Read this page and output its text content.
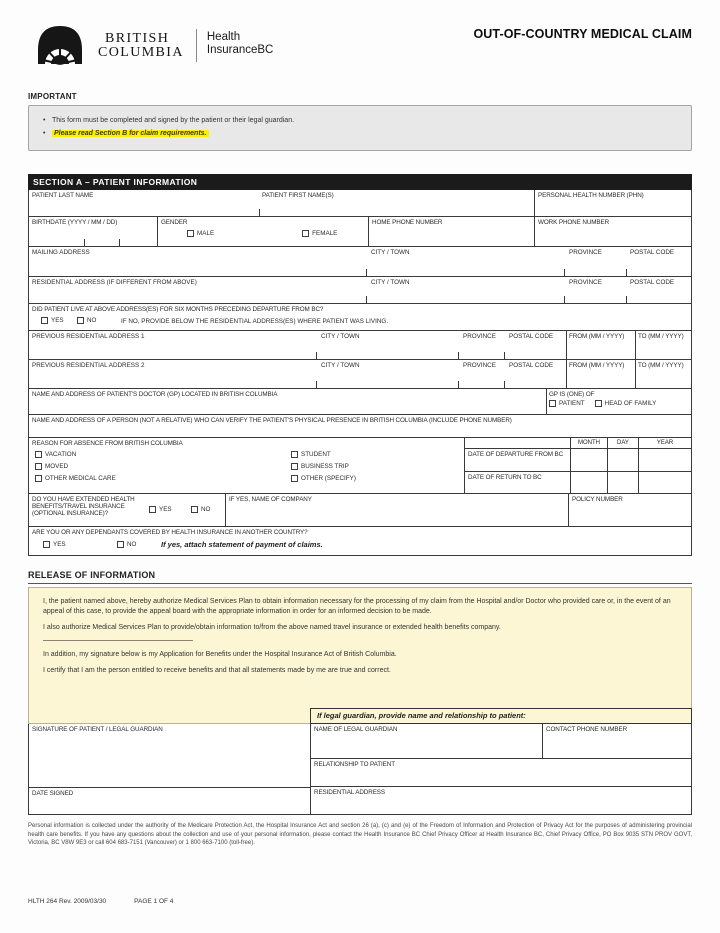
BRITISH
COLUMBIA
Health
InsuranceBC
OUT-OF-COUNTRY MEDICAL CLAIM
IMPORTANT
• This form must be completed and signed by the patient or their legal guardian.
• Please read Section B for claim requirements.
SECTION A – PATIENT INFORMATION
PATIENT LAST NAME	PATIENT FIRST NAME(S)	PERSONAL HEALTH NUMBER (PHN)
BIRTHDATE (YYYY / MM / DD)	GENDER
MALE	FEMALE
HOME PHONE NUMBER	WORK PHONE NUMBER
MAILING ADDRESS	CITY / TOWN	PROVINCE	POSTAL CODE
RESIDENTIAL ADDRESS (IF DIFFERENT FROM ABOVE)	CITY / TOWN	PROVINCE	POSTAL CODE
DID PATIENT LIVE AT ABOVE ADDRESS(ES) FOR SIX MONTHS PRECEDING DEPARTURE FROM BC?
YES	NO	IF NO, PROVIDE BELOW THE RESIDENTIAL ADDRESS(ES) WHERE PATIENT WAS LIVING.
PREVIOUS RESIDENTIAL ADDRESS 1	CITY / TOWN	PROVINCE POSTAL CODE	FROM (MM / YYYY)	TO (MM / YYYY)
PREVIOUS RESIDENTIAL ADDRESS 2	CITY / TOWN	PROVINCE POSTAL CODE	FROM (MM / YYYY)	TO (MM / YYYY)
NAME AND ADDRESS OF PATIENT'S DOCTOR (GP) LOCATED IN BRITISH COLUMBIA	GP IS (ONE) OF
PATIENT	HEAD OF FAMILY
NAME AND ADDRESS OF A PERSON (NOT A RELATIVE) WHO CAN VERIFY THE PATIENT'S PHYSICAL PRESENCE IN BRITISH COLUMBIA (INCLUDE PHONE NUMBER)
REASON FOR ABSENCE FROM BRITISH COLUMBIA
VACATION
MOVED
OTHER MEDICAL CARE
STUDENT
BUSINESS TRIP
OTHER (SPECIFY)
MONTH	DAY	YEAR
DATE OF DEPARTURE FROM BC
DATE OF RETURN TO BC
DO YOU HAVE EXTENDED HEALTH BENEFITS/TRAVEL INSURANCE (OPTIONAL INSURANCE)?
YES	NO
IF YES, NAME OF COMPANY	POLICY NUMBER
ARE YOU OR ANY DEPENDANTS COVERED BY HEALTH INSURANCE IN ANOTHER COUNTRY?
YES	NO	If yes, attach statement of payment of claims.
RELEASE OF INFORMATION

I, the patient named above, hereby authorize Medical Services Plan to obtain information necessary for the processing of my claim from the Hospital and/or Doctor who provided care or, in the event of an appeal of this case, to provide the appeal board with the appropriate information in order for an informed decision to be made.

I also authorize Medical Services Plan to provide/obtain information to/from the above named travel insurance or extended health benefits company.

In addition, my signature below is my Application for Benefits under the Hospital Insurance Act of British Columbia.

I certify that I am the person entitled to receive benefits and that all statements made by me are true and correct.

If legal guardian, provide name and relationship to patient:
SIGNATURE OF PATIENT / LEGAL GUARDIAN
DATE SIGNED
NAME OF LEGAL GUARDIAN	CONTACT PHONE NUMBER
RELATIONSHIP TO PATIENT
RESIDENTIAL ADDRESS
Personal information is collected under the authority of the Medicare Protection Act, the Hospital Insurance Act and section 26 (a), (c) and (e) of the Freedom of Information and Protection of Privacy Act for the purposes of administering provincial health care benefits. If you have any questions about the collection and use of your personal information, please contact the Health Insurance BC Chief Privacy Officer at Health Insurance BC, Chief Privacy Office, PO Box 9035 STN PROV GOVT, Victoria, BC V8W 9E3 or call 604 683-7151 (Vancouver) or 1 800 663-7100 (toll-free).
HLTH 264 Rev. 2009/03/30	PAGE 1 OF 4
